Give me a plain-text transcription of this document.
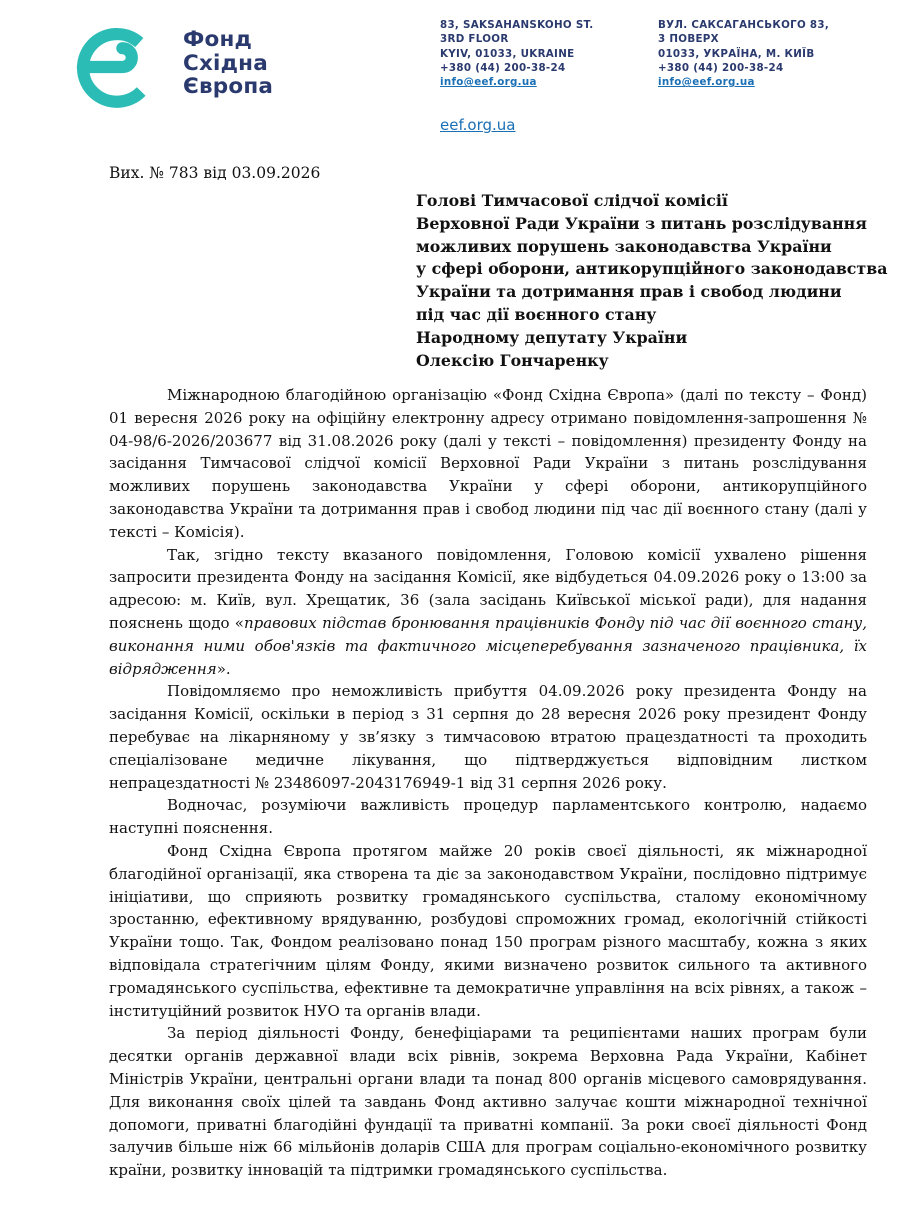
Фонд
Східна
Європа
83, SAKSAHANSKOHO ST.
3RD FLOOR
KYIV, 01033, UKRAINE
+380 (44) 200-38-24
info@eef.org.ua
ВУЛ. САКСАГАНСЬКОГО 83,
3 ПОВЕРХ
01033, УКРАЇНА, М. КИЇВ
+380 (44) 200-38-24
info@eef.org.ua
eef.org.ua
Вих. № 783 від 03.09.2026
Голові Тимчасової слідчої комісії
Верховної Ради України з питань розслідування
можливих порушень законодавства України
у сфері оборони, антикорупційного законодавства
України та дотримання прав і свобод людини
під час дії воєнного стану
Народному депутату України
Олексію Гончаренку

Міжнародною благодійною організацію «Фонд Східна Європа» (далі по тексту – Фонд) 01 вересня 2026 року на офіційну електронну адресу отримано повідомлення-запрошення № 04-98/6-2026/203677 від 31.08.2026 року (далі у тексті – повідомлення) президенту Фонду на засідання Тимчасової слідчої комісії Верховної Ради України з питань розслідування можливих порушень законодавства України у сфері оборони, антикорупційного законодавства України та дотримання прав і свобод людини під час дії воєнного стану (далі у тексті – Комісія).

Так, згідно тексту вказаного повідомлення, Головою комісії ухвалено рішення запросити президента Фонду на засідання Комісії, яке відбудеться 04.09.2026 року о 13:00 за адресою: м. Київ, вул. Хрещатик, 36 (зала засідань Київської міської ради), для надання пояснень щодо «правових підстав бронювання працівників Фонду під час дії воєнного стану, виконання ними обов'язків та фактичного місцеперебування зазначеного працівника, їх відрядження».

Повідомляємо про неможливість прибуття 04.09.2026 року президента Фонду на засідання Комісії, оскільки в період з 31 серпня до 28 вересня 2026 року президент Фонду перебуває на лікарняному у зв’язку з тимчасовою втратою працездатності та проходить спеціалізоване медичне лікування, що підтверджується відповідним листком непрацездатності № 23486097-2043176949-1 від 31 серпня 2026 року.

Водночас, розуміючи важливість процедур парламентського контролю, надаємо наступні пояснення.

Фонд Східна Європа протягом майже 20 років своєї діяльності, як міжнародної благодійної організації, яка створена та діє за законодавством України, послідовно підтримує ініціативи, що сприяють розвитку громадянського суспільства, сталому економічному зростанню, ефективному врядуванню, розбудові спроможних громад, екологічній стійкості України тощо. Так, Фондом реалізовано понад 150 програм різного масштабу, кожна з яких відповідала стратегічним цілям Фонду, якими визначено розвиток сильного та активного громадянського суспільства, ефективне та демократичне управління на всіх рівнях, а також – інституційний розвиток НУО та органів влади.

За період діяльності Фонду, бенефіціарами та реципієнтами наших програм були десятки органів державної влади всіх рівнів, зокрема Верховна Рада України, Кабінет Міністрів України, центральні органи влади та понад 800 органів місцевого самоврядування. Для виконання своїх цілей та завдань Фонд активно залучає кошти міжнародної технічної допомоги, приватні благодійні фундації та приватні компанії. За роки своєї діяльності Фонд залучив більше ніж 66 мільйонів доларів США для програм соціально-економічного розвитку країни, розвитку інновацій та підтримки громадянського суспільства.
